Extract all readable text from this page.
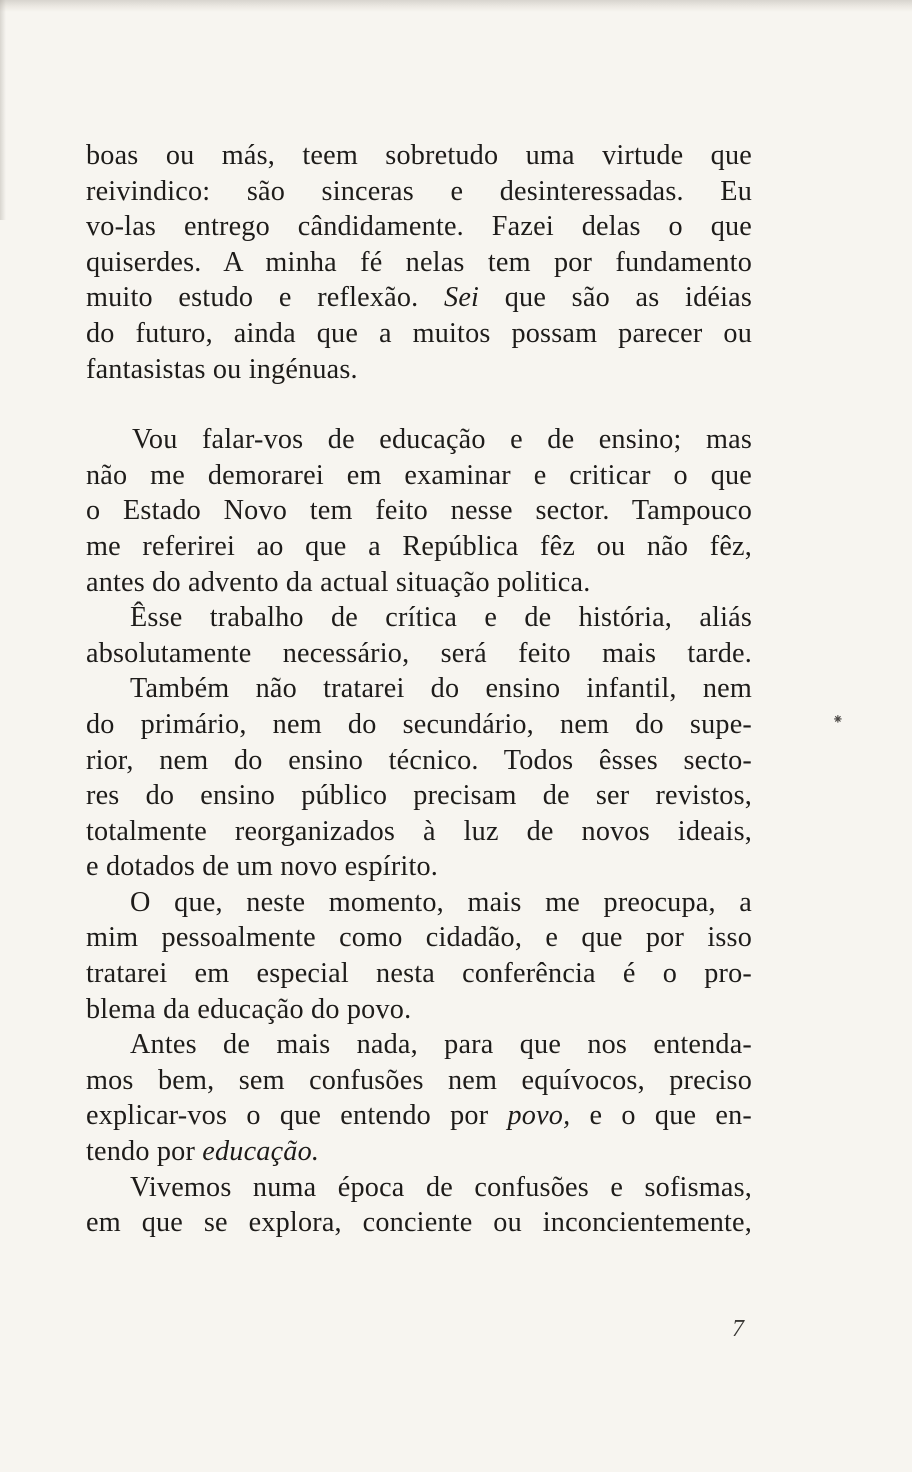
boas ou más, teem sobretudo uma virtude que
reivindico: são sinceras e desinteressadas. Eu
vo-las entrego cândidamente. Fazei delas o que
quiserdes. A minha fé nelas tem por fundamento
muito estudo e reflexão. Sei que são as idéias
do futuro, ainda que a muitos possam parecer ou
fantasistas ou ingénuas.
Vou falar-vos de educação e de ensino; mas
não me demorarei em examinar e criticar o que
o Estado Novo tem feito nesse sector. Tampouco
me referirei ao que a República fêz ou não fêz,
antes do advento da actual situação politica.
Êsse trabalho de crítica e de história, aliás
absolutamente necessário, será feito mais tarde.
Também não tratarei do ensino infantil, nem
do primário, nem do secundário, nem do supe-
rior, nem do ensino técnico. Todos êsses secto-
res do ensino público precisam de ser revistos,
totalmente reorganizados à luz de novos ideais,
e dotados de um novo espírito.
O que, neste momento, mais me preocupa, a
mim pessoalmente como cidadão, e que por isso
tratarei em especial nesta conferência é o pro-
blema da educação do povo.
Antes de mais nada, para que nos entenda-
mos bem, sem confusões nem equívocos, preciso
explicar-vos o que entendo por povo, e o que en-
tendo por educação.
Vivemos numa época de confusões e sofismas,
em que se explora, conciente ou inconcientemente,
⁕
7
